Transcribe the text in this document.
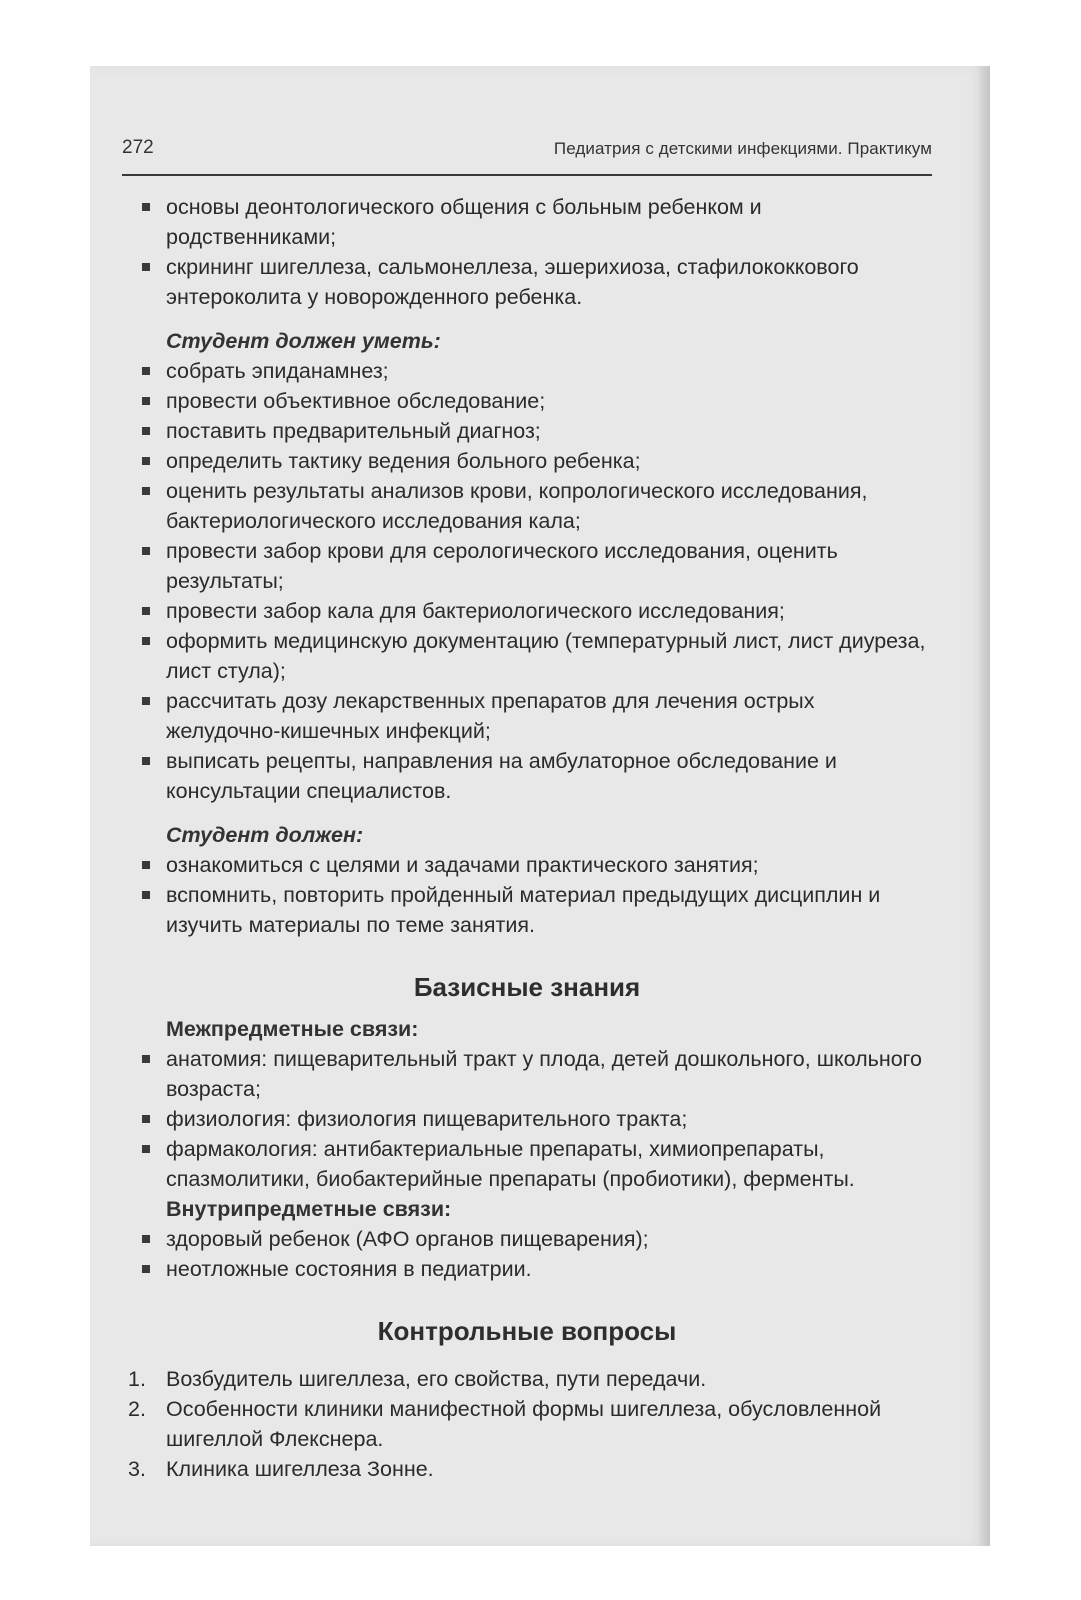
272	Педиатрия с детскими инфекциями. Практикум
основы деонтологического общения с больным ребенком и родственниками;
скрининг шигеллеза, сальмонеллеза, эшерихиоза, стафилококкового энтероколита у новорожденного ребенка.
Студент должен уметь:
собрать эпиданамнез;
провести объективное обследование;
поставить предварительный диагноз;
определить тактику ведения больного ребенка;
оценить результаты анализов крови, копрологического исследования, бактериологического исследования кала;
провести забор крови для серологического исследования, оценить результаты;
провести забор кала для бактериологического исследования;
оформить медицинскую документацию (температурный лист, лист диуреза, лист стула);
рассчитать дозу лекарственных препаратов для лечения острых желудочно-кишечных инфекций;
выписать рецепты, направления на амбулаторное обследование и консультации специалистов.
Студент должен:
ознакомиться с целями и задачами практического занятия;
вспомнить, повторить пройденный материал предыдущих дисциплин и изучить материалы по теме занятия.
Базисные знания
Межпредметные связи:
анатомия: пищеварительный тракт у плода, детей дошкольного, школьного возраста;
физиология: физиология пищеварительного тракта;
фармакология: антибактериальные препараты, химиопрепараты, спазмолитики, биобактерийные препараты (пробиотики), ферменты.
Внутрипредметные связи:
здоровый ребенок (АФО органов пищеварения);
неотложные состояния в педиатрии.
Контрольные вопросы
1. Возбудитель шигеллеза, его свойства, пути передачи.
2. Особенности клиники манифестной формы шигеллеза, обусловленной шигеллой Флекснера.
3. Клиника шигеллеза Зонне.
